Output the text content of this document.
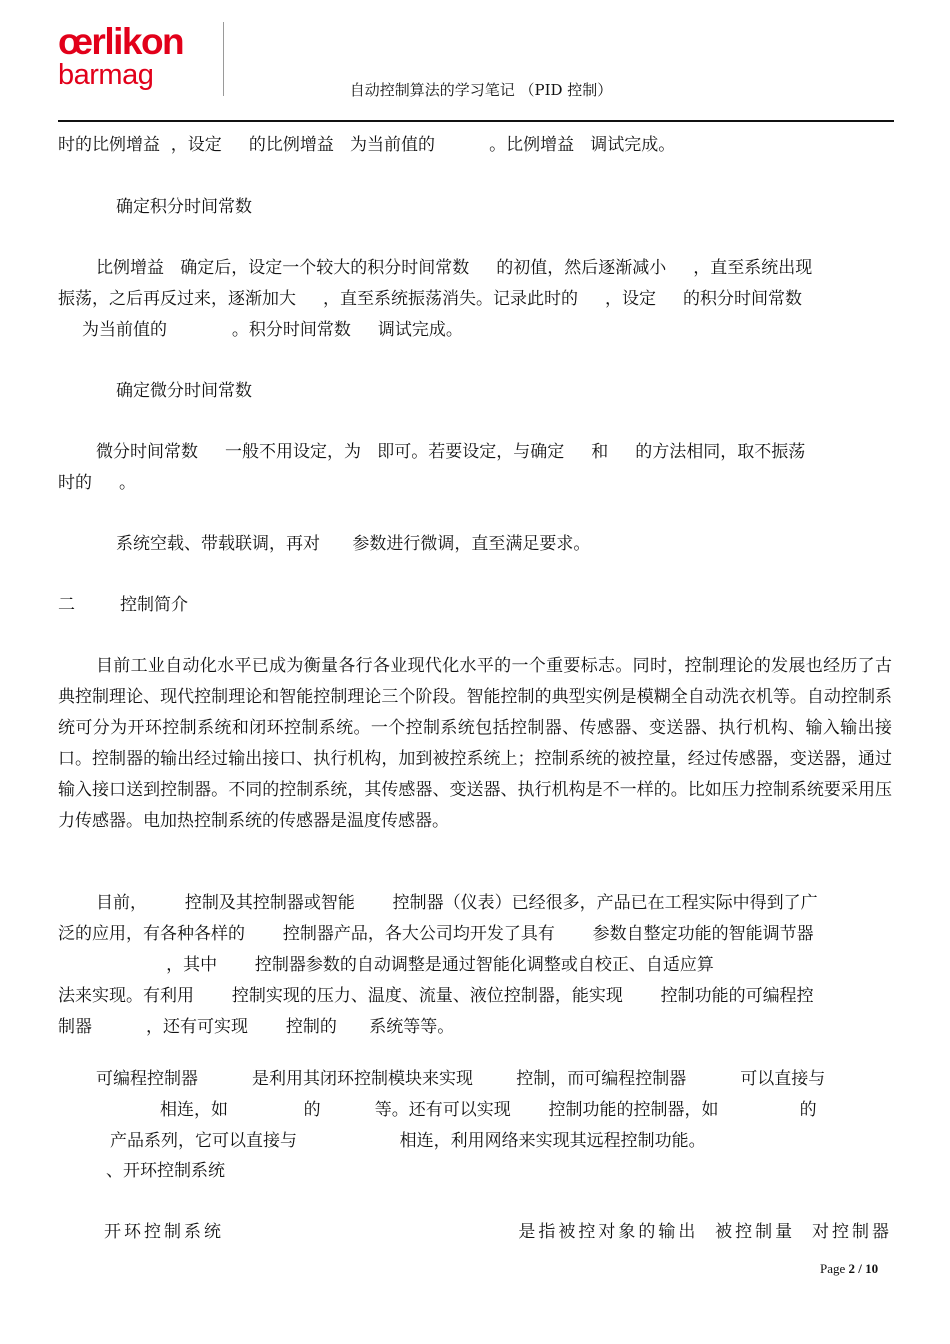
œrlikon
barmag	自动控制算法的学习笔记 （PID 控制）

时的比例增益  ，设定     的比例增益   为当前值的          。比例增益   调试完成。

确定积分时间常数

比例增益   确定后，设定一个较大的积分时间常数     的初值，然后逐渐减小     ，直至系统出现

振荡，之后再反过来，逐渐加大     ，直至系统振荡消失。记录此时的     ，设定     的积分时间常数

为当前值的            。积分时间常数     调试完成。

确定微分时间常数

微分时间常数     一般不用设定，为   即可。若要设定，与确定     和     的方法相同，取不振荡

时的     。

系统空载、带载联调，再对      参数进行微调，直至满足要求。

二	控制简介

目前工业自动化水平已成为衡量各行各业现代化水平的一个重要标志。同时，控制理论的发展也经历了古典控制理论、现代控制理论和智能控制理论三个阶段。智能控制的典型实例是模糊全自动洗衣机等。自动控制系统可分为开环控制系统和闭环控制系统。一个控制系统包括控制器、传感器、变送器、执行机构、输入输出接口。控制器的输出经过输出接口、执行机构，加到被控系统上；控制系统的被控量，经过传感器，变送器，通过输入接口送到控制器。不同的控制系统，其传感器、变送器、执行机构是不一样的。比如压力控制系统要采用压力传感器。电加热控制系统的传感器是温度传感器。

目前，       控制及其控制器或智能       控制器（仪表）已经很多，产品已在工程实际中得到了广

泛的应用，有各种各样的       控制器产品，各大公司均开发了具有       参数自整定功能的智能调节器

，其中       控制器参数的自动调整是通过智能化调整或自校正、自适应算

法来实现。有利用       控制实现的压力、温度、流量、液位控制器，能实现       控制功能的可编程控

制器          ，还有可实现       控制的      系统等等。

可编程控制器          是利用其闭环控制模块来实现        控制，而可编程控制器          可以直接与

相连，如              的          等。还有可以实现       控制功能的控制器，如               的

产品系列，它可以直接与                   相连，利用网络来实现其远程控制功能。

、开环控制系统

开环控制系统	是指被控对象的输出  被控制量  对控制器

Page 2 / 10
